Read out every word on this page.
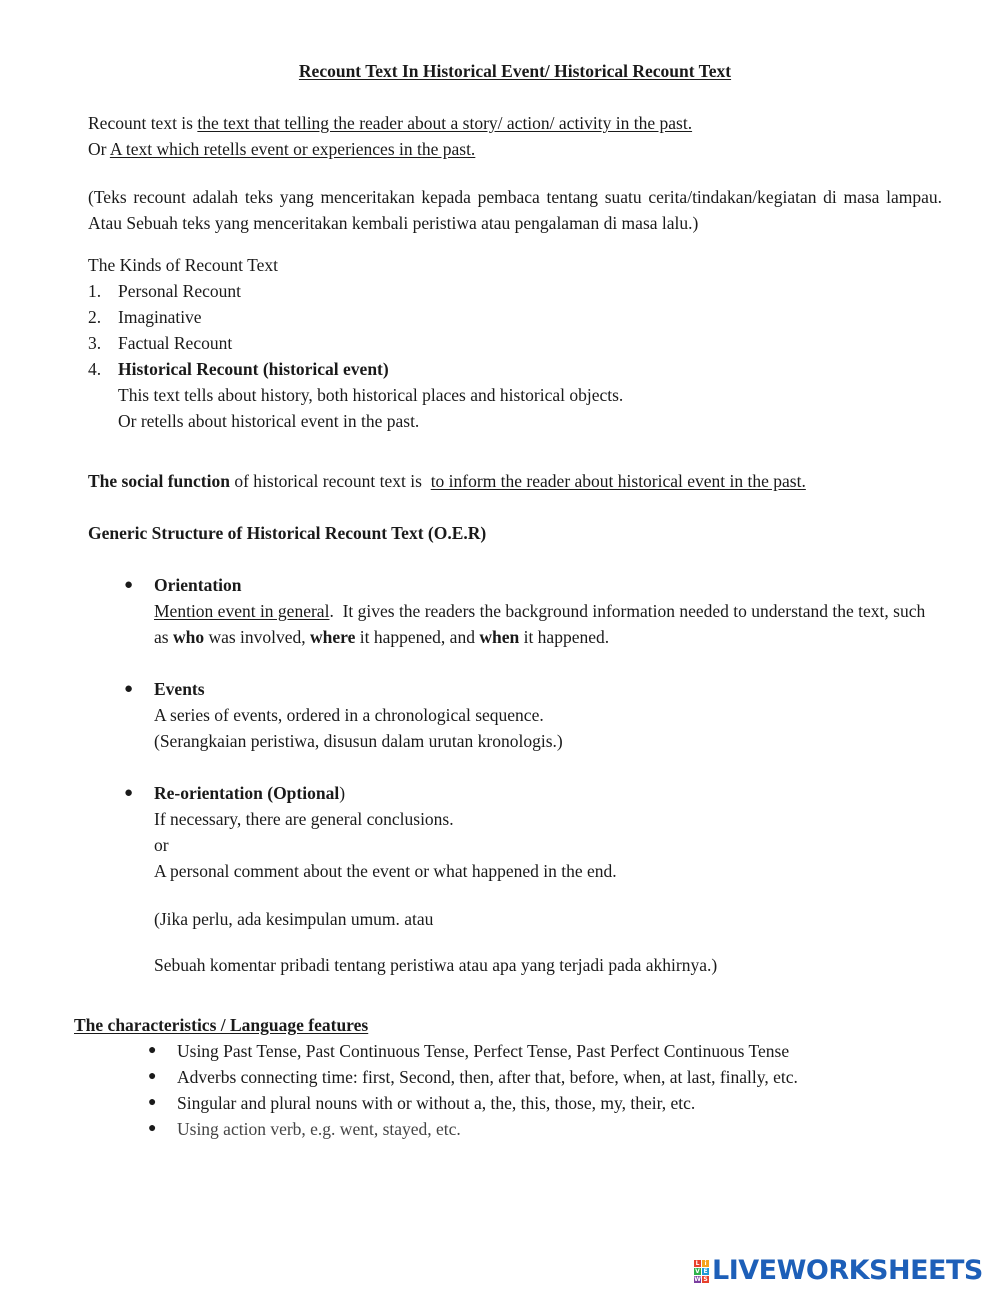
Recount Text In Historical Event/ Historical Recount Text
Recount text is the text that telling the reader about a story/ action/ activity in the past.
Or A text which retells event or experiences in the past.
(Teks recount adalah teks yang menceritakan kepada pembaca tentang suatu cerita/tindakan/kegiatan di masa lampau. Atau Sebuah teks yang menceritakan kembali peristiwa atau pengalaman di masa lalu.)
The Kinds of Recount Text
1. Personal Recount
2. Imaginative
3. Factual Recount
4. Historical Recount (historical event)
This text tells about history, both historical places and historical objects.
Or retells about historical event in the past.
The social function of historical recount text is  to inform the reader about historical event in the past.
Generic Structure of Historical Recount Text (O.E.R)
● Orientation
Mention event in general.  It gives the readers the background information needed to understand the text, such as who was involved, where it happened, and when it happened.
● Events
A series of events, ordered in a chronological sequence.
(Serangkaian peristiwa, disusun dalam urutan kronologis.)
● Re-orientation (Optional)
If necessary, there are general conclusions.
or
A personal comment about the event or what happened in the end.
(Jika perlu, ada kesimpulan umum. atau
Sebuah komentar pribadi tentang peristiwa atau apa yang terjadi pada akhirnya.)
The characteristics / Language features
● Using Past Tense, Past Continuous Tense, Perfect Tense, Past Perfect Continuous Tense
● Adverbs connecting time: first, Second, then, after that, before, when, at last, finally, etc.
● Singular and plural nouns with or without a, the, this, those, my, their, etc.
● Using action verb, e.g. went, stayed, etc.
L i
V E
W S LIVEWORKSHEETS
